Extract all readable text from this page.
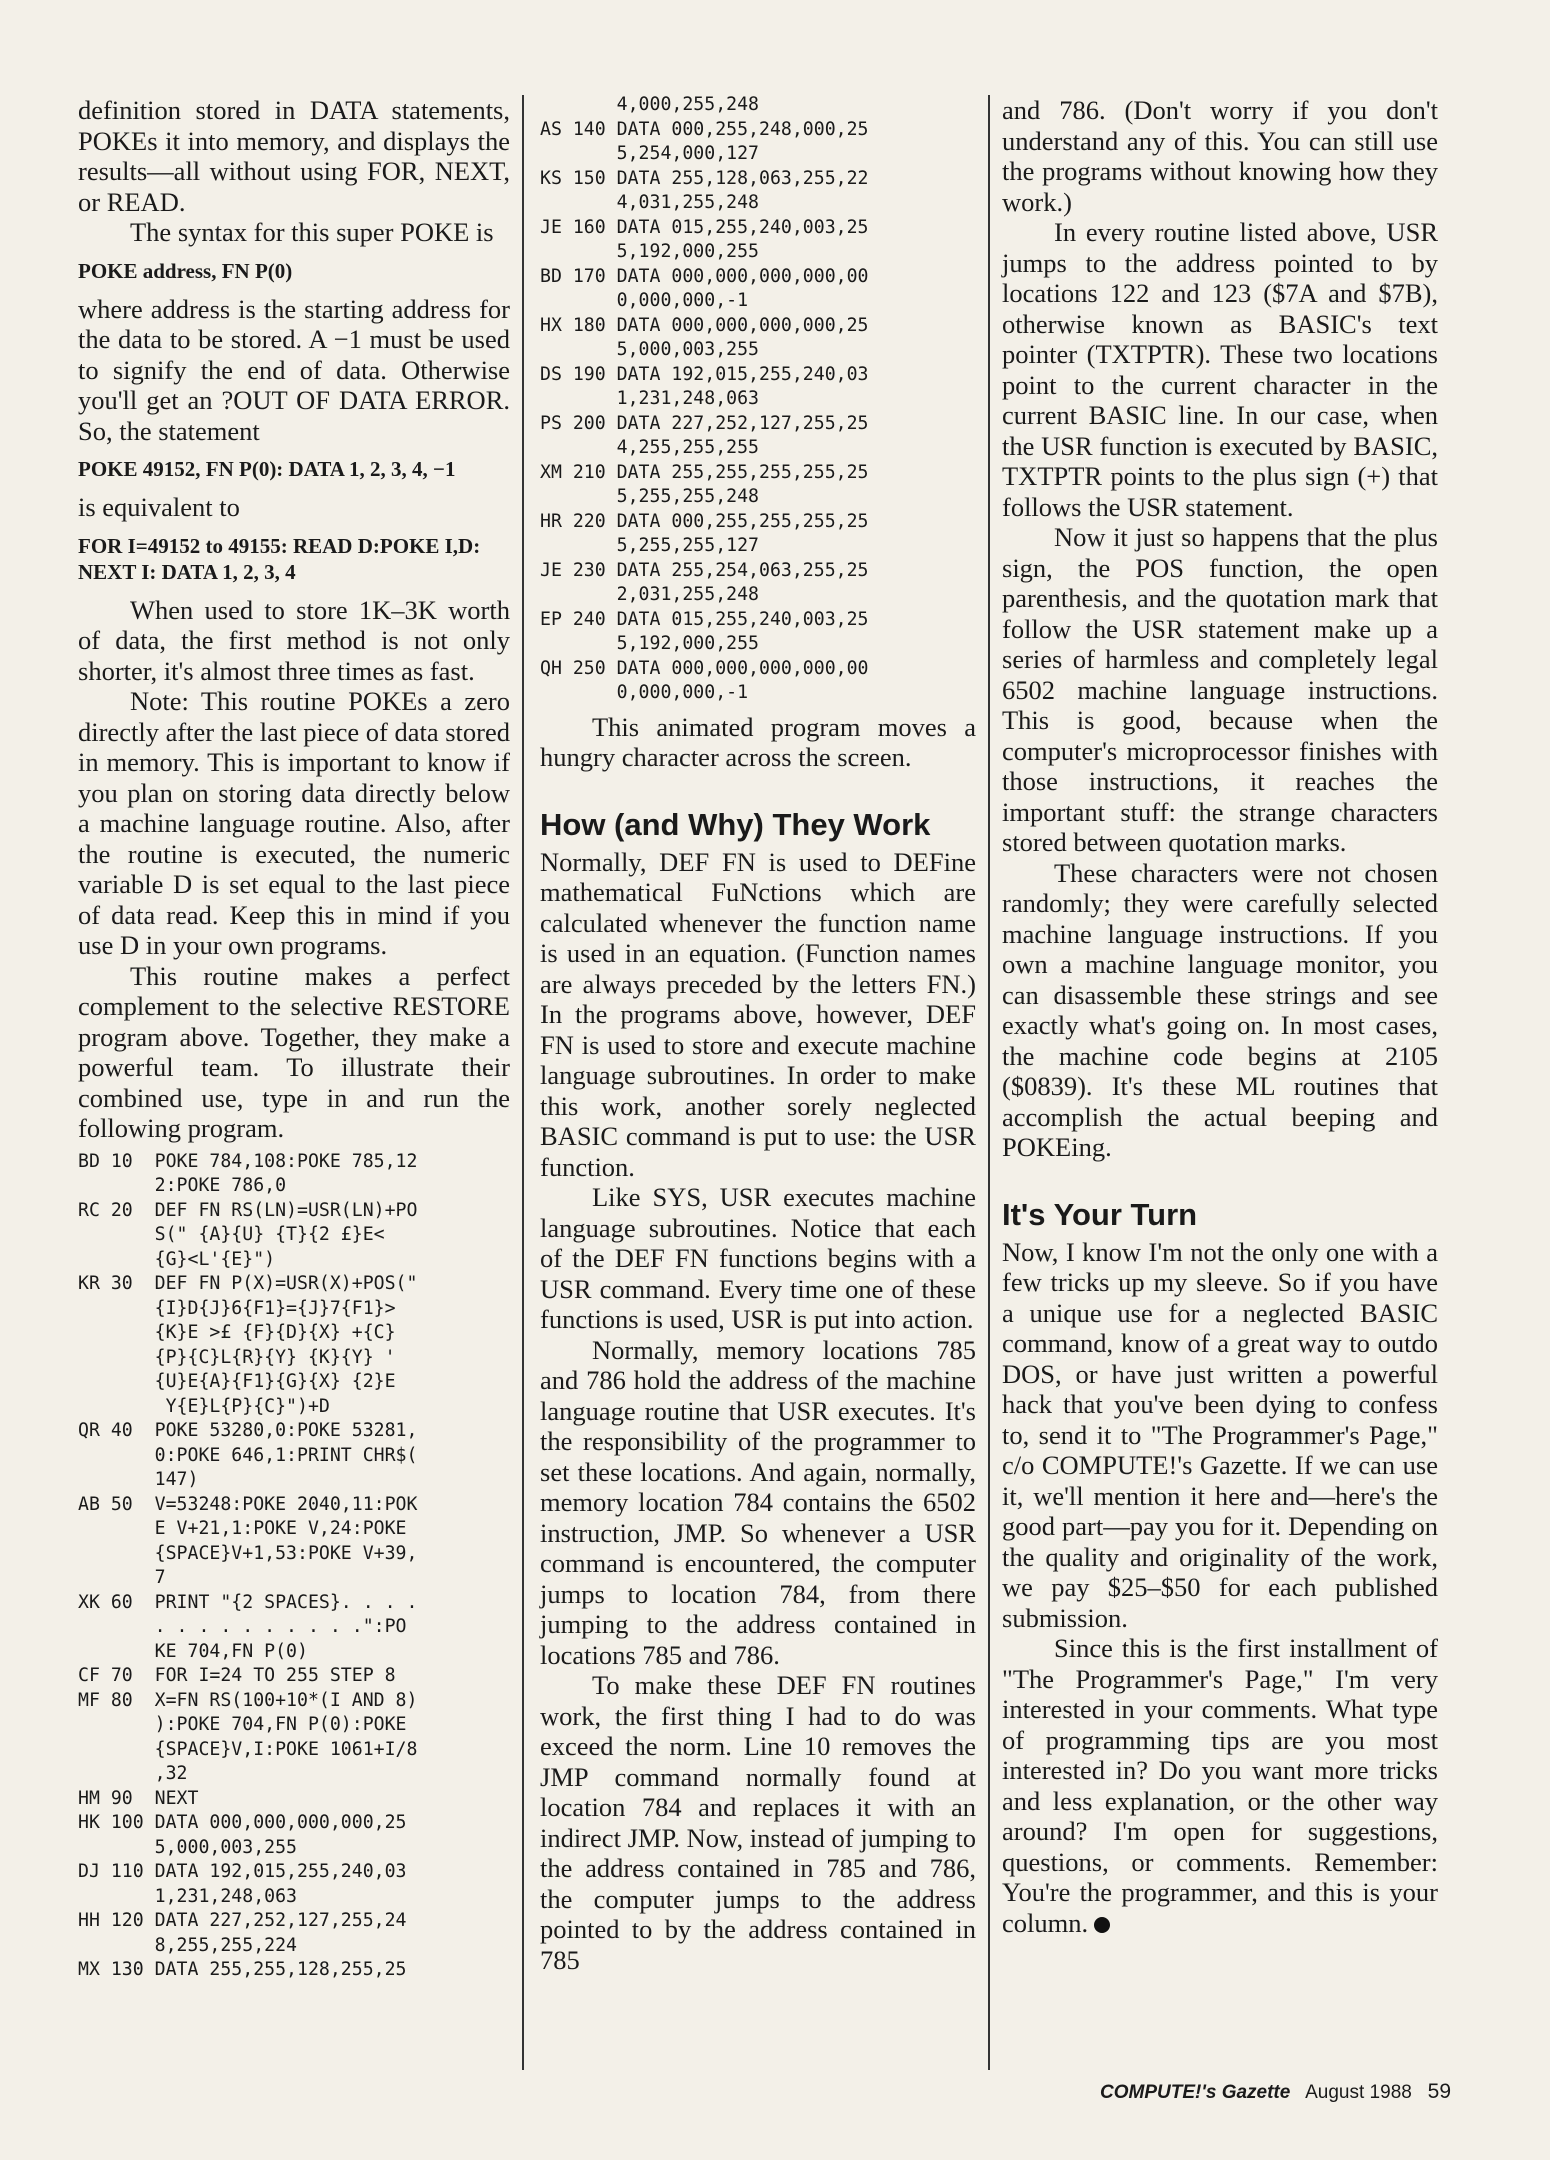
definition stored in DATA statements, POKEs it into memory, and displays the results—all without using FOR, NEXT, or READ.

The syntax for this super POKE is

POKE address, FN P(0)

where address is the starting address for the data to be stored. A −1 must be used to signify the end of data. Otherwise you'll get an ?OUT OF DATA ERROR. So, the statement

POKE 49152, FN P(0): DATA 1, 2, 3, 4, −1

is equivalent to

FOR I=49152 to 49155: READ D:POKE I,D: NEXT I: DATA 1, 2, 3, 4

When used to store 1K–3K worth of data, the first method is not only shorter, it's almost three times as fast.

Note: This routine POKEs a zero directly after the last piece of data stored in memory. This is important to know if you plan on storing data directly below a machine language routine. Also, after the routine is executed, the numeric variable D is set equal to the last piece of data read. Keep this in mind if you use D in your own programs.

This routine makes a perfect complement to the selective RESTORE program above. Together, they make a powerful team. To illustrate their combined use, type in and run the following program.

BD 10  POKE 784,108:POKE 785,12
2:POKE 786,0
RC 20  DEF FN RS(LN)=USR(LN)+PO
S(" {A}{U} {T}{2 £}E<
{G}<L'{E}")
KR 30  DEF FN P(X)=USR(X)+POS("
{I}D{J}6{F1}={J}7{F1}>
{K}E >£ {F}{D}{X} +{C}
{P}{C}L{R}{Y} {K}{Y} '
{U}E{A}{F1}{G}{X} {2}E
Y{E}L{P}{C}")+D
QR 40  POKE 53280,0:POKE 53281,
0:POKE 646,1:PRINT CHR$(
147)
AB 50  V=53248:POKE 2040,11:POK
E V+21,1:POKE V,24:POKE
{SPACE}V+1,53:POKE V+39,
7
XK 60  PRINT "{2 SPACES}. . . .
. . . . . . . . . .":PO
KE 704,FN P(0)
CF 70  FOR I=24 TO 255 STEP 8
MF 80  X=FN RS(100+10*(I AND 8)
):POKE 704,FN P(0):POKE
{SPACE}V,I:POKE 1061+I/8
,32
HM 90  NEXT
HK 100 DATA 000,000,000,000,25
5,000,003,255
DJ 110 DATA 192,015,255,240,03
1,231,248,063
HH 120 DATA 227,252,127,255,24
8,255,255,224
MX 130 DATA 255,255,128,255,25
4,000,255,248
AS 140 DATA 000,255,248,000,25
5,254,000,127
KS 150 DATA 255,128,063,255,22
4,031,255,248
JE 160 DATA 015,255,240,003,25
5,192,000,255
BD 170 DATA 000,000,000,000,00
0,000,000,-1
HX 180 DATA 000,000,000,000,25
5,000,003,255
DS 190 DATA 192,015,255,240,03
1,231,248,063
PS 200 DATA 227,252,127,255,25
4,255,255,255
XM 210 DATA 255,255,255,255,25
5,255,255,248
HR 220 DATA 000,255,255,255,25
5,255,255,127
JE 230 DATA 255,254,063,255,25
2,031,255,248
EP 240 DATA 015,255,240,003,25
5,192,000,255
QH 250 DATA 000,000,000,000,00
0,000,000,-1

This animated program moves a hungry character across the screen.

How (and Why) They Work

Normally, DEF FN is used to DEFine mathematical FuNctions which are calculated whenever the function name is used in an equation. (Function names are always preceded by the letters FN.) In the programs above, however, DEF FN is used to store and execute machine language subroutines. In order to make this work, another sorely neglected BASIC command is put to use: the USR function.

Like SYS, USR executes machine language subroutines. Notice that each of the DEF FN functions begins with a USR command. Every time one of these functions is used, USR is put into action.

Normally, memory locations 785 and 786 hold the address of the machine language routine that USR executes. It's the responsibility of the programmer to set these locations. And again, normally, memory location 784 contains the 6502 instruction, JMP. So whenever a USR command is encountered, the computer jumps to location 784, from there jumping to the address contained in locations 785 and 786.

To make these DEF FN routines work, the first thing I had to do was exceed the norm. Line 10 removes the JMP command normally found at location 784 and replaces it with an indirect JMP. Now, instead of jumping to the address contained in 785 and 786, the computer jumps to the address pointed to by the address contained in 785

and 786. (Don't worry if you don't understand any of this. You can still use the programs without knowing how they work.)

In every routine listed above, USR jumps to the address pointed to by locations 122 and 123 ($7A and $7B), otherwise known as BASIC's text pointer (TXTPTR). These two locations point to the current character in the current BASIC line. In our case, when the USR function is executed by BASIC, TXTPTR points to the plus sign (+) that follows the USR statement.

Now it just so happens that the plus sign, the POS function, the open parenthesis, and the quotation mark that follow the USR statement make up a series of harmless and completely legal 6502 machine language instructions. This is good, because when the computer's microprocessor finishes with those instructions, it reaches the important stuff: the strange characters stored between quotation marks.

These characters were not chosen randomly; they were carefully selected machine language instructions. If you own a machine language monitor, you can disassemble these strings and see exactly what's going on. In most cases, the machine code begins at 2105 ($0839). It's these ML routines that accomplish the actual beeping and POKEing.

It's Your Turn

Now, I know I'm not the only one with a few tricks up my sleeve. So if you have a unique use for a neglected BASIC command, know of a great way to outdo DOS, or have just written a powerful hack that you've been dying to confess to, send it to "The Programmer's Page," c/o COMPUTE!'s Gazette. If we can use it, we'll mention it here and—here's the good part—pay you for it. Depending on the quality and originality of the work, we pay $25–$50 for each published submission.

Since this is the first installment of "The Programmer's Page," I'm very interested in your comments. What type of programming tips are you most interested in? Do you want more tricks and less explanation, or the other way around? I'm open for suggestions, questions, or comments. Remember: You're the programmer, and this is your column.

COMPUTE!'s Gazette August 1988 59
